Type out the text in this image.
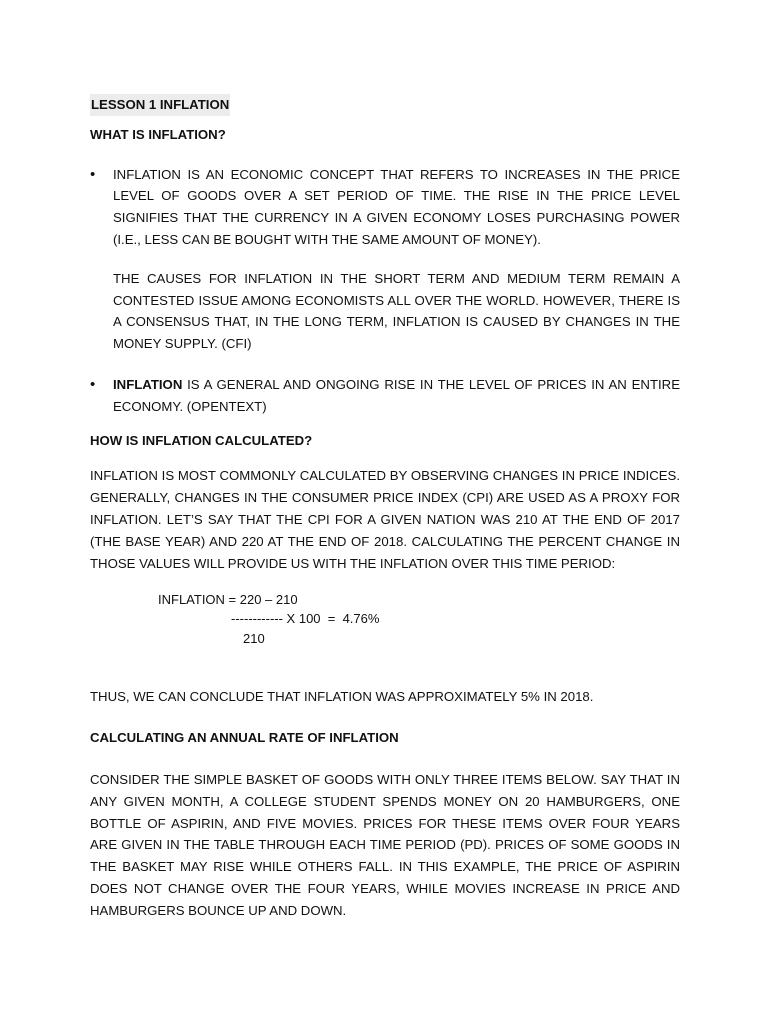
LESSON 1 INFLATION

WHAT IS INFLATION?

• INFLATION IS AN ECONOMIC CONCEPT THAT REFERS TO INCREASES IN THE PRICE LEVEL OF GOODS OVER A SET PERIOD OF TIME. THE RISE IN THE PRICE LEVEL SIGNIFIES THAT THE CURRENCY IN A GIVEN ECONOMY LOSES PURCHASING POWER (I.E., LESS CAN BE BOUGHT WITH THE SAME AMOUNT OF MONEY).

THE CAUSES FOR INFLATION IN THE SHORT TERM AND MEDIUM TERM REMAIN A CONTESTED ISSUE AMONG ECONOMISTS ALL OVER THE WORLD. HOWEVER, THERE IS A CONSENSUS THAT, IN THE LONG TERM, INFLATION IS CAUSED BY CHANGES IN THE MONEY SUPPLY. (CFI)

• INFLATION IS A GENERAL AND ONGOING RISE IN THE LEVEL OF PRICES IN AN ENTIRE ECONOMY. (OPENTEXT)

HOW IS INFLATION CALCULATED?

INFLATION IS MOST COMMONLY CALCULATED BY OBSERVING CHANGES IN PRICE INDICES. GENERALLY, CHANGES IN THE CONSUMER PRICE INDEX (CPI) ARE USED AS A PROXY FOR INFLATION. LET’S SAY THAT THE CPI FOR A GIVEN NATION WAS 210 AT THE END OF 2017 (THE BASE YEAR) AND 220 AT THE END OF 2018. CALCULATING THE PERCENT CHANGE IN THOSE VALUES WILL PROVIDE US WITH THE INFLATION OVER THIS TIME PERIOD:

INFLATION = 220 – 210
------------ X 100  =  4.76%
210

THUS, WE CAN CONCLUDE THAT INFLATION WAS APPROXIMATELY 5% IN 2018.

CALCULATING AN ANNUAL RATE OF INFLATION

CONSIDER THE SIMPLE BASKET OF GOODS WITH ONLY THREE ITEMS BELOW. SAY THAT IN ANY GIVEN MONTH, A COLLEGE STUDENT SPENDS MONEY ON 20 HAMBURGERS, ONE BOTTLE OF ASPIRIN, AND FIVE MOVIES. PRICES FOR THESE ITEMS OVER FOUR YEARS ARE GIVEN IN THE TABLE THROUGH EACH TIME PERIOD (PD). PRICES OF SOME GOODS IN THE BASKET MAY RISE WHILE OTHERS FALL. IN THIS EXAMPLE, THE PRICE OF ASPIRIN DOES NOT CHANGE OVER THE FOUR YEARS, WHILE MOVIES INCREASE IN PRICE AND HAMBURGERS BOUNCE UP AND DOWN.
